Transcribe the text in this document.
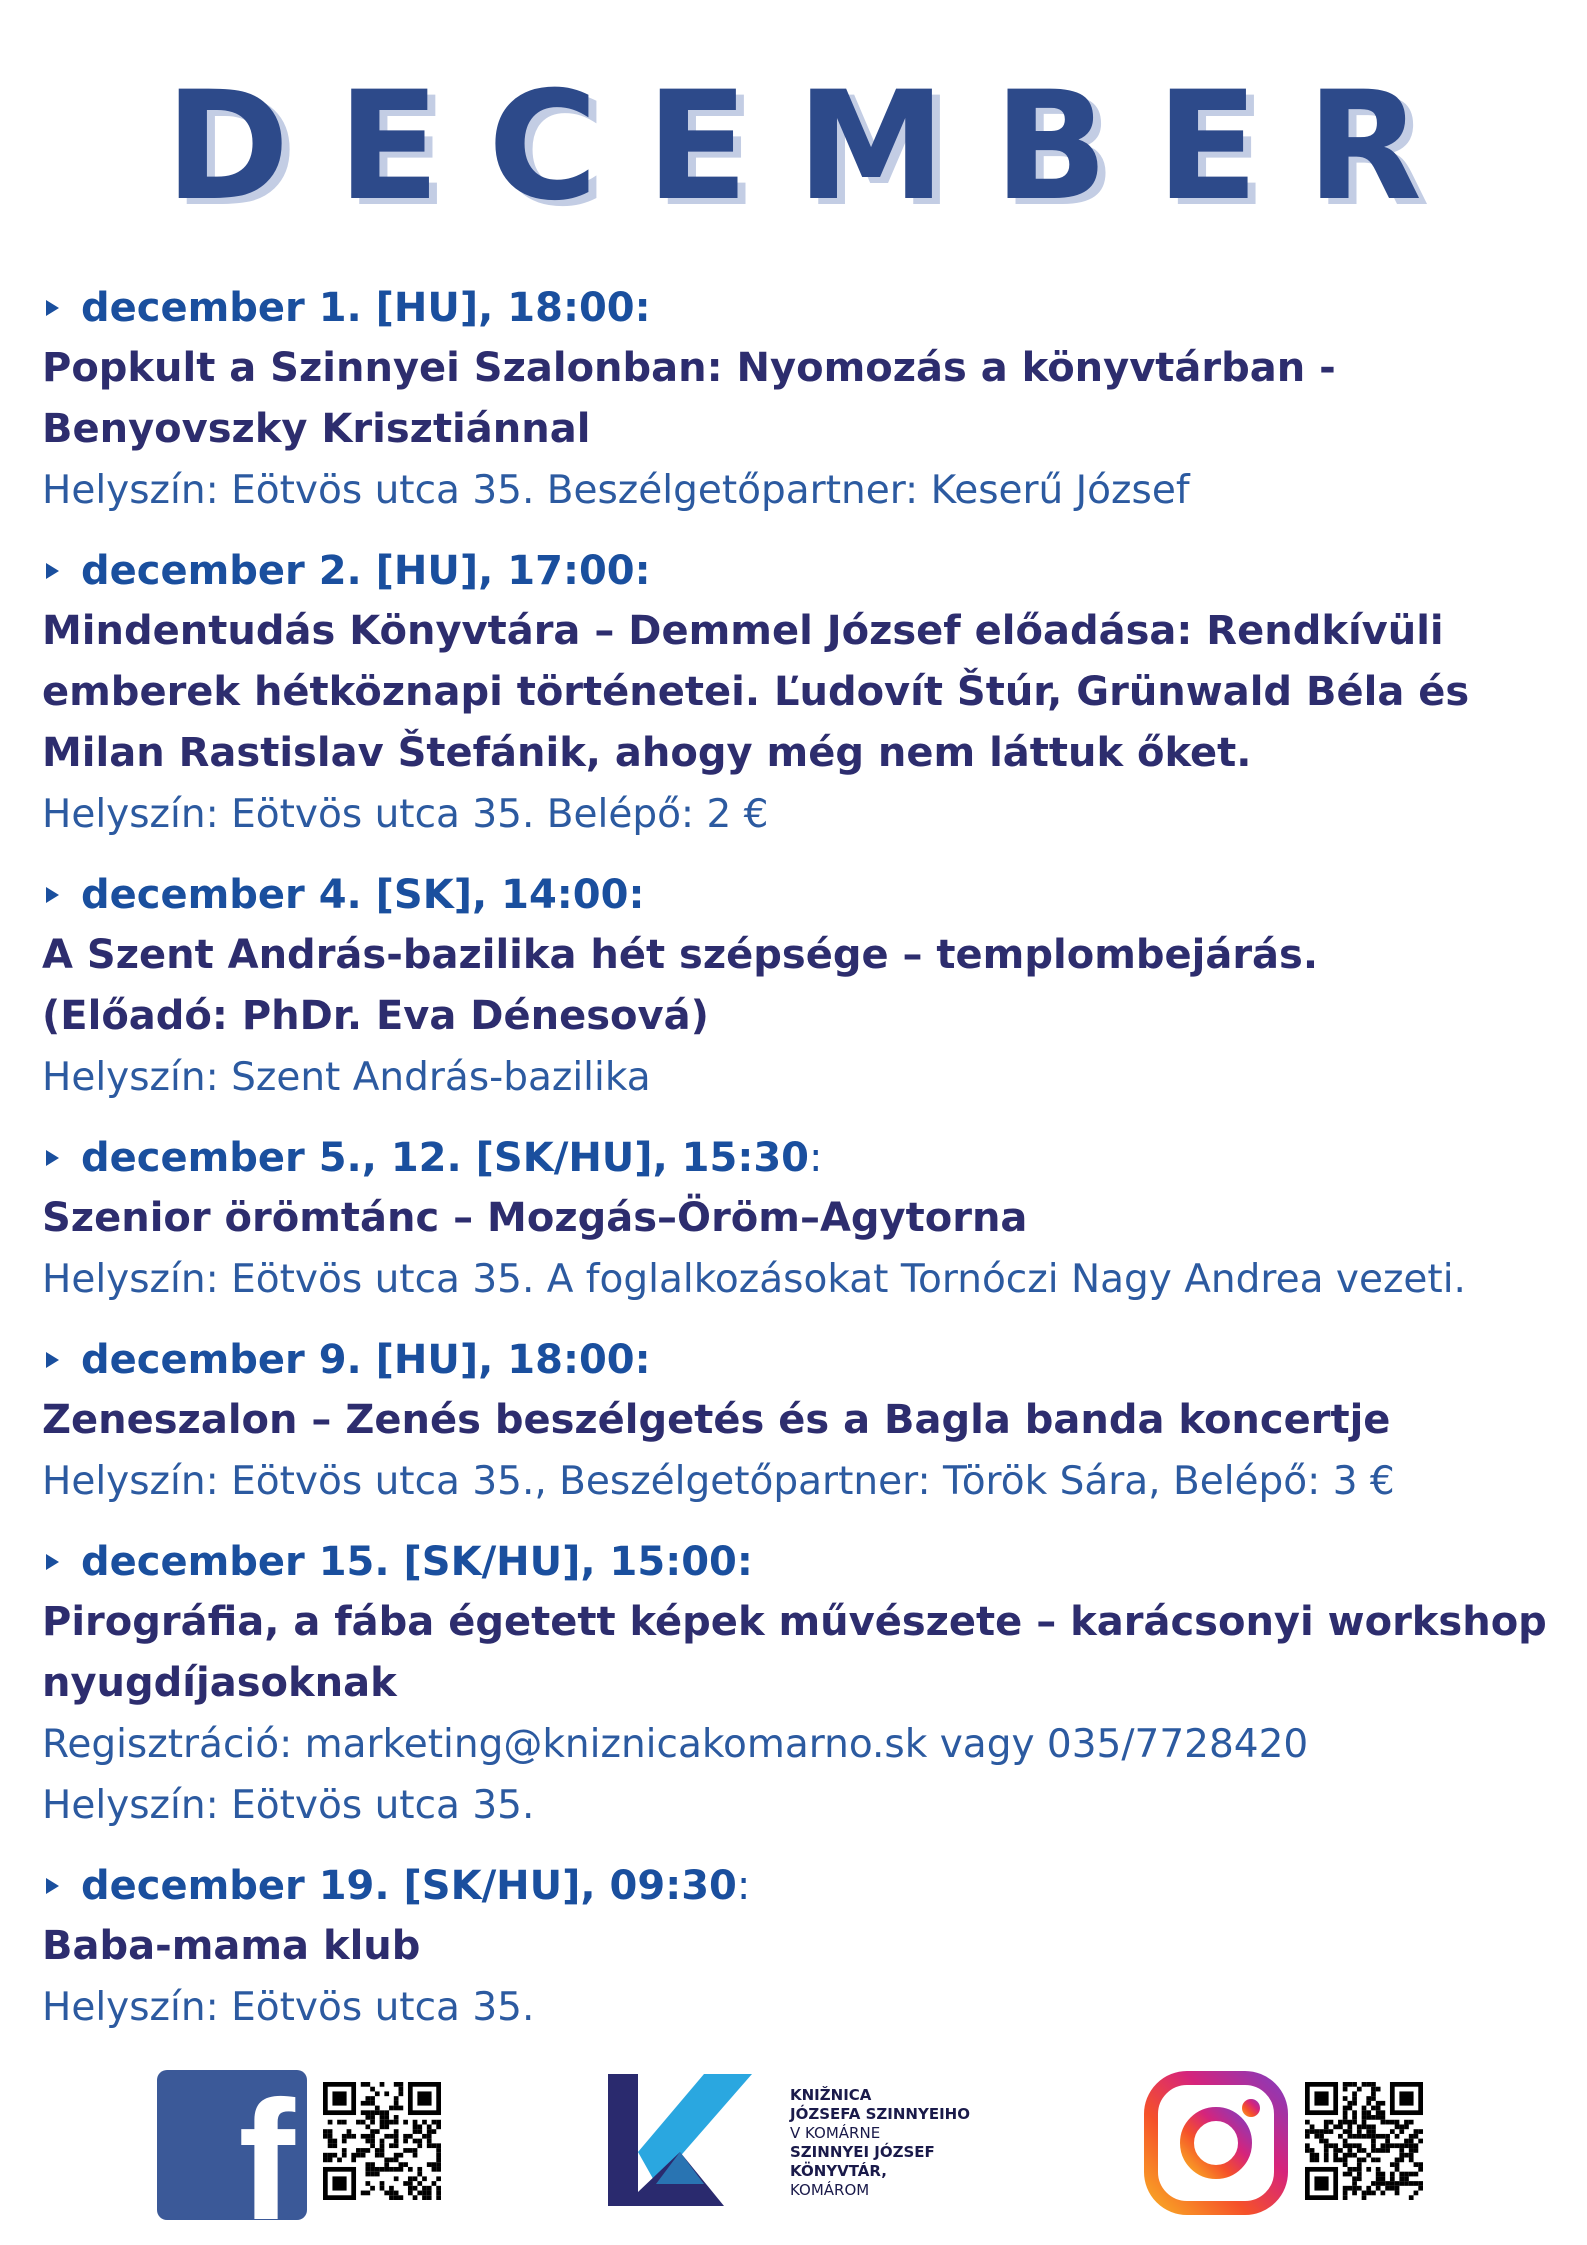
DECEMBER
december 1. [HU], 18:00:
Popkult a Szinnyei Szalonban: Nyomozás a könyvtárban -
Benyovszky Krisztiánnal
Helyszín: Eötvös utca 35. Beszélgetőpartner: Keserű József
december 2. [HU], 17:00:
Mindentudás Könyvtára – Demmel József előadása: Rendkívüli
emberek hétköznapi történetei. Ľudovít Štúr, Grünwald Béla és
Milan Rastislav Štefánik, ahogy még nem láttuk őket.
Helyszín: Eötvös utca 35. Belépő: 2 €
december 4. [SK], 14:00:
A Szent András-bazilika hét szépsége – templombejárás.
(Előadó: PhDr. Eva Dénesová)
Helyszín: Szent András-bazilika
december 5., 12. [SK/HU], 15:30 :
Szenior örömtánc – Mozgás–Öröm–Agytorna
Helyszín: Eötvös utca 35. A foglalkozásokat Tornóczi Nagy Andrea vezeti.
december 9. [HU], 18:00:
Zeneszalon – Zenés beszélgetés és a Bagla banda koncertje
Helyszín: Eötvös utca 35., Beszélgetőpartner: Török Sára, Belépő: 3 €
december 15. [SK/HU], 15:00:
Pirográfia, a fába égetett képek művészete – karácsonyi workshop
nyugdíjasoknak
Regisztráció: marketing@kniznicakomarno.sk vagy 035/7728420
Helyszín: Eötvös utca 35.
december 19. [SK/HU], 09:30 :
Baba-mama klub
Helyszín: Eötvös utca 35.
f	KNIŽNICA
JÓZSEFA SZINNYEIHO
V KOMÁRNE
SZINNYEI JÓZSEF
KÖNYVTÁR,
KOMÁROM
